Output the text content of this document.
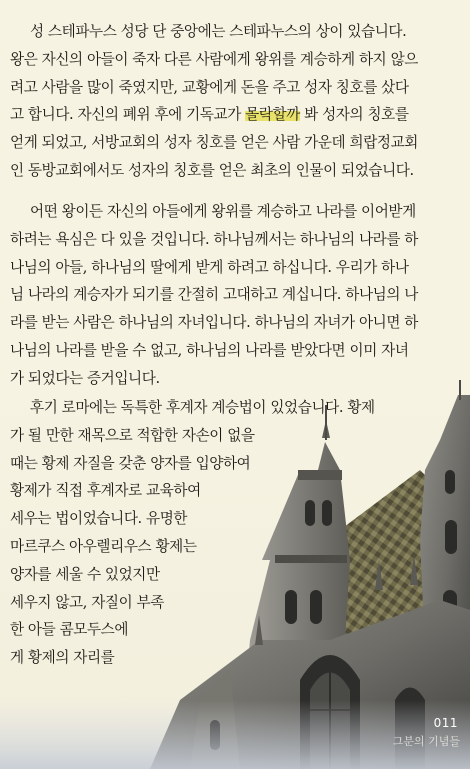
성 스테파누스 성당 단 중앙에는 스테파누스의 상이 있습니다.
왕은 자신의 아들이 죽자 다른 사람에게 왕위를 계승하게 하지 않으
려고 사람을 많이 죽였지만, 교황에게 돈을 주고 성자 칭호를 샀다
고 합니다. 자신의 폐위 후에 기독교가 몰락할까 봐 성자의 칭호를
얻게 되었고, 서방교회의 성자 칭호를 얻은 사람 가운데 희랍정교회
인 동방교회에서도 성자의 칭호를 얻은 최초의 인물이 되었습니다.
어떤 왕이든 자신의 아들에게 왕위를 계승하고 나라를 이어받게
하려는 욕심은 다 있을 것입니다. 하나님께서는 하나님의 나라를 하
나님의 아들, 하나님의 딸에게 받게 하려고 하십니다. 우리가 하나
님 나라의 계승자가 되기를 간절히 고대하고 계십니다. 하나님의 나
라를 받는 사람은 하나님의 자녀입니다. 하나님의 자녀가 아니면 하
나님의 나라를 받을 수 없고, 하나님의 나라를 받았다면 이미 자녀
가 되었다는 증거입니다.
후기 로마에는 독특한 후계자 계승법이 있었습니다. 황제
가 될 만한 재목으로 적합한 자손이 없을
때는 황제 자질을 갖춘 양자를 입양하여
황제가 직접 후계자로 교육하여
세우는 법이었습니다. 유명한
마르쿠스 아우렐리우스 황제는
양자를 세울 수 있었지만
세우지 않고, 자질이 부족
한 아들 콤모두스에
게 황제의 자리를
011
그분의 기념들
